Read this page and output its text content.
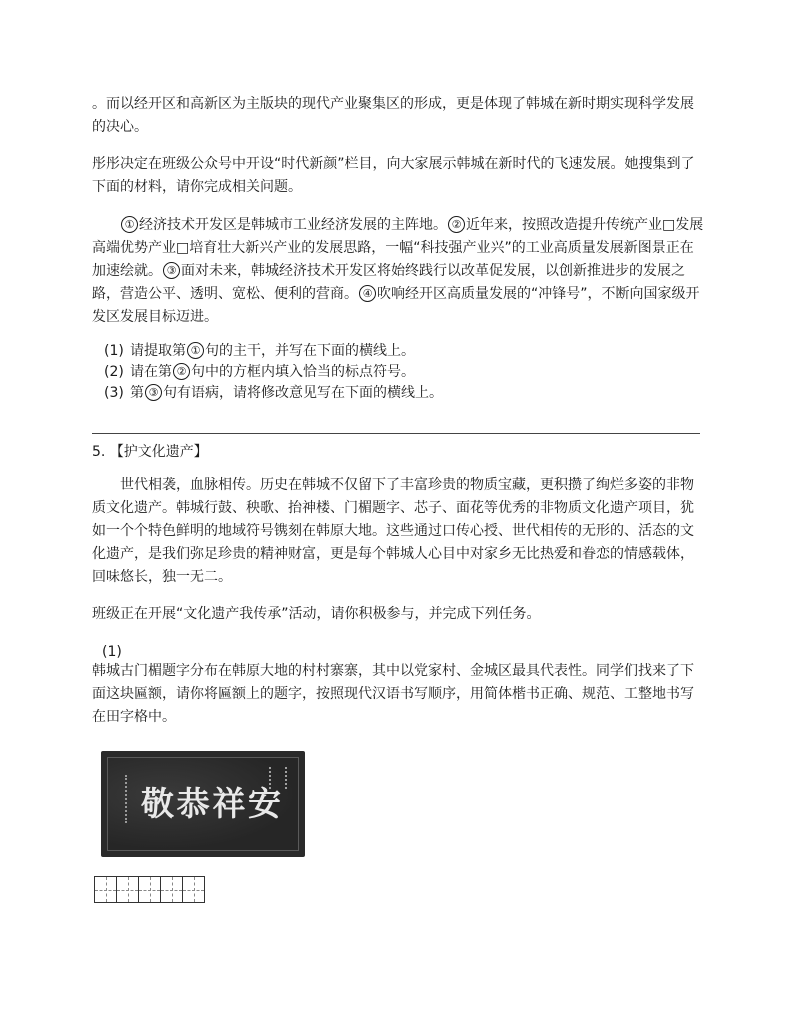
。而以经开区和高新区为主版块的现代产业聚集区的形成，更是体现了韩城在新时期实现科学发展的决心。

彤彤决定在班级公众号中开设“时代新颜”栏目，向大家展示韩城在新时代的飞速发展。她搜集到了下面的材料，请你完成相关问题。

① 经济技术开发区是韩城市工业经济发展的主阵地。 ② 近年来，按照改造提升传统产业□发展高端优势产业□培育壮大新兴产业的发展思路，一幅“科技强产业兴”的工业高质量发展新图景正在加速绘就。 ③ 面对未来，韩城经济技术开发区将始终践行以改革促发展，以创新推进步的发展之路，营造公平、透明、宽松、便利的营商。 ④ 吹响经开区高质量发展的“冲锋号”，不断向国家级开发区发展目标迈进。

(1) 请提取第 ① 句的主干，并写在下面的横线上。
(2) 请在第 ② 句中的方框内填入恰当的标点符号。
(3) 第 ③ 句有语病，请将修改意见写在下面的横线上。
5. 【护文化遗产】

世代相袭，血脉相传。历史在韩城不仅留下了丰富珍贵的物质宝藏，更积攒了绚烂多姿的非物质文化遗产。韩城行鼓、秧歌、抬神楼、门楣题字、芯子、面花等优秀的非物质文化遗产项目，犹如一个个特色鲜明的地域符号镌刻在韩原大地。这些通过口传心授、世代相传的无形的、活态的文化遗产，是我们弥足珍贵的精神财富，更是每个韩城人心目中对家乡无比热爱和眷恋的情感载体，回味悠长，独一无二。

班级正在开展“文化遗产我传承”活动，请你积极参与，并完成下列任务。

(1)

韩城古门楣题字分布在韩原大地的村村寨寨，其中以党家村、金城区最具代表性。同学们找来了下面这块匾额，请你将匾额上的题字，按照现代汉语书写顺序，用简体楷书正确、规范、工整地书写在田字格中。

敬 恭 祥 安
